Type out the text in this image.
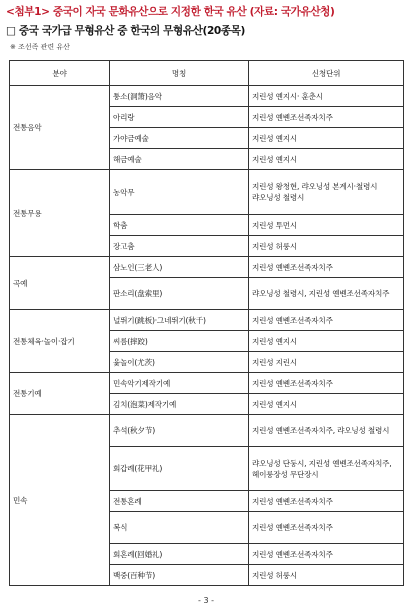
<첨부1> 중국이 자국 문화유산으로 지정한 한국 유산 (자료: 국가유산청)
□ 중국 국가급 무형유산 중 한국의 무형유산(20종목)
※ 조선족 관련 유산
분야	명칭	신청단위
전통음악	퉁소(洞箫)음악	지린성 옌지시· 훈춘시
	아리랑	지린성 옌볜조선족자치주
	가야금예술	지린성 옌지시
	해금예술	지린성 옌지시
전통무용	농악무	지린성 왕청현, 랴오닝성 본계시·철령시
랴오닝성 철령시
	학춤	지린성 투먼시
	장고춤	지린성 허룽시
곡예	삼노인(三老人)	지린성 옌볜조선족자치주
	판소리(盘索里)	랴오닝성 철령시, 지린성 옌볜조선족자치주
전통체육·놀이·잡기	널뛰기(跳板)·그네뛰기(秋千)	지린성 옌볜조선족자치주
	씨름(摔跤)	지린성 옌지시
	윷놀이(尤茨)	지린성 지린시
전통기예	민속악기제작기예	지린성 옌볜조선족자치주
	김치(泡菜)제작기예	지린성 옌지시
민속	추석(秋夕节)	지린성 옌볜조선족자치주, 랴오닝성 철령시
	회갑례(花甲礼)	랴오닝성 단둥시, 지린성 옌볜조선족자치주, 헤이룽장성 무단장시
	전통혼례	지린성 옌볜조선족자치주
	복식	지린성 옌볜조선족자치주
	회혼례(回婚礼)	지린성 옌볜조선족자치주
	백중(百种节)	지린성 허룽시
- 3 -
